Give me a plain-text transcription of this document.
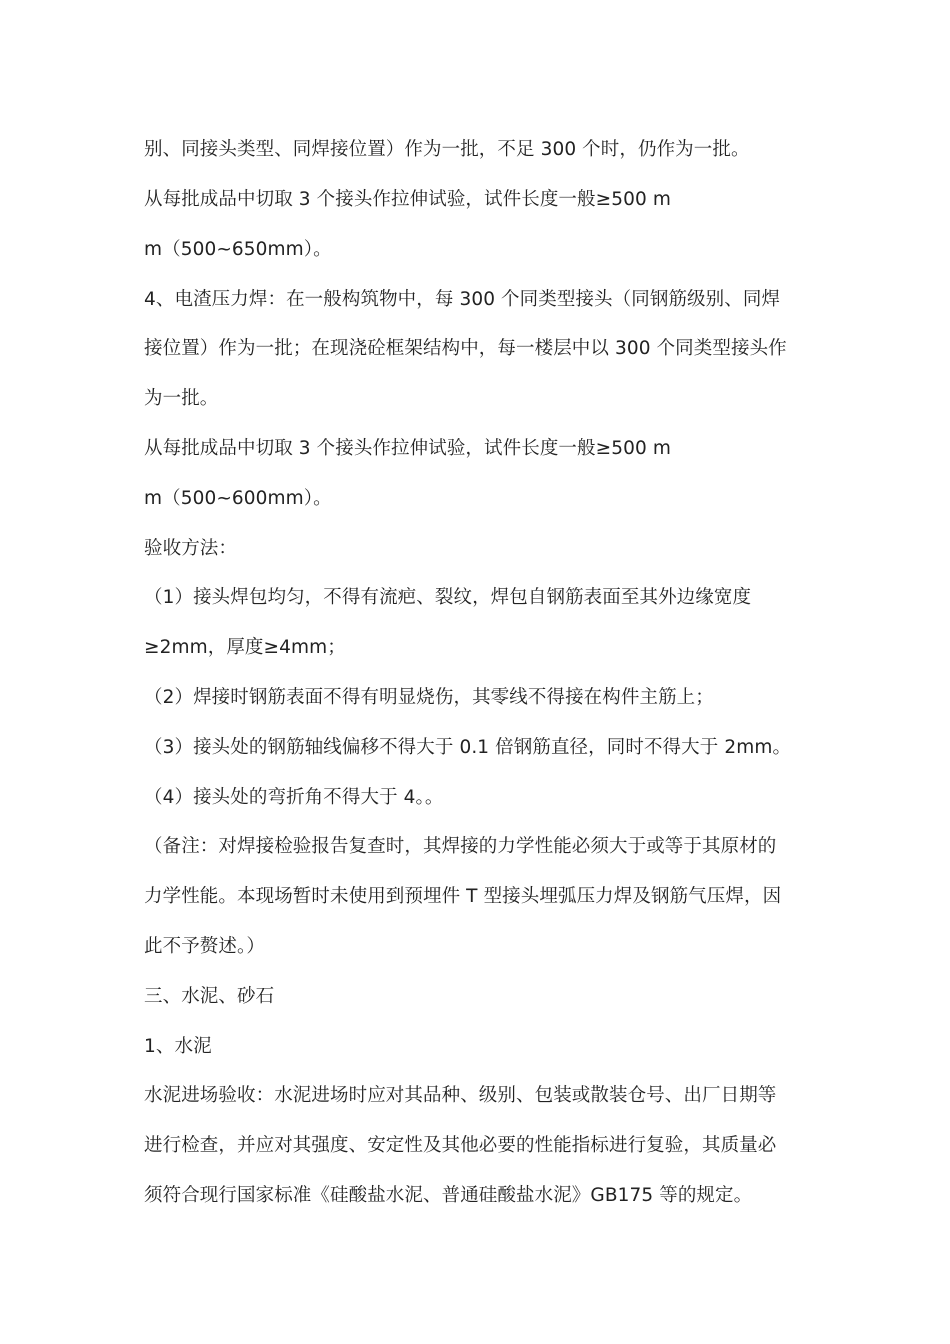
别、同接头类型、同焊接位置）作为一批，不足 300 个时，仍作为一批。
从每批成品中切取 3 个接头作拉伸试验，试件长度一般≥500 m
m（500~650mm）。
4、电渣压力焊：在一般构筑物中，每 300 个同类型接头（同钢筋级别、同焊
接位置）作为一批；在现浇砼框架结构中，每一楼层中以 300 个同类型接头作
为一批。
从每批成品中切取 3 个接头作拉伸试验，试件长度一般≥500 m
m（500~600mm）。
验收方法：
（1）接头焊包均匀，不得有流疤、裂纹，焊包自钢筋表面至其外边缘宽度
≥2mm，厚度≥4mm；
（2）焊接时钢筋表面不得有明显烧伤，其零线不得接在构件主筋上；
（3）接头处的钢筋轴线偏移不得大于 0.1 倍钢筋直径，同时不得大于 2mm。
（4）接头处的弯折角不得大于 4。。
（备注：对焊接检验报告复查时，其焊接的力学性能必须大于或等于其原材的
力学性能。本现场暂时未使用到预埋件 T 型接头埋弧压力焊及钢筋气压焊，因
此不予赘述。）
三、水泥、砂石
1、水泥
水泥进场验收：水泥进场时应对其品种、级别、包装或散装仓号、出厂日期等
进行检查，并应对其强度、安定性及其他必要的性能指标进行复验，其质量必
须符合现行国家标准《硅酸盐水泥、普通硅酸盐水泥》GB175 等的规定。
